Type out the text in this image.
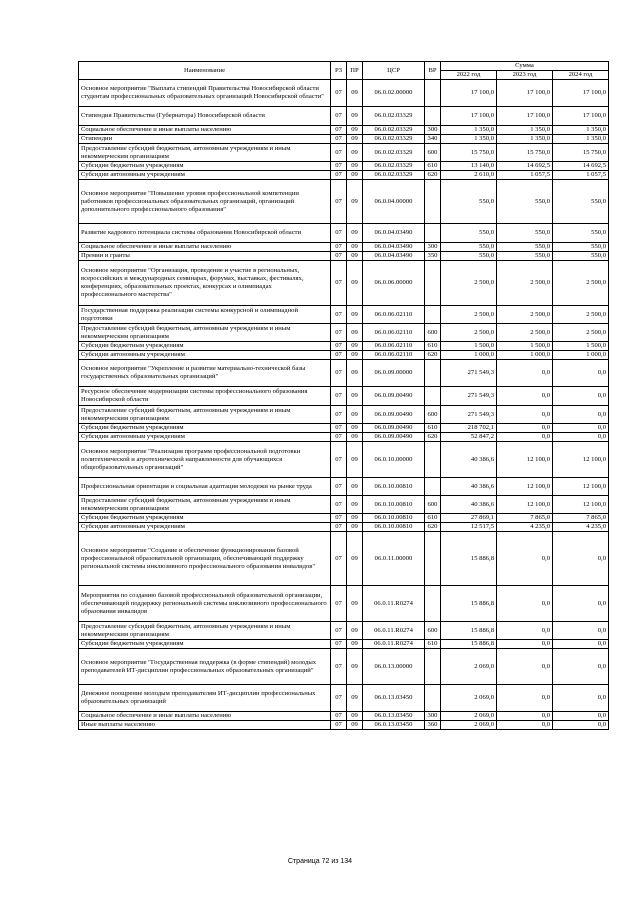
Наименование	РЗ	ПР	ЦСР	ВР	Сумма		
					2022 год	2023 год	2024 год
Основное мероприятие "Выплата стипендий Правительства Новосибирской области студентам профессиональных образовательных организаций Новосибирской области"	07	09	06.0.02.00000		17 100,0	17 100,0	17 100,0
Стипендия Правительства (Губернатора) Новосибирской области	07	09	06.0.02.03329		17 100,0	17 100,0	17 100,0
Социальное обеспечение и иные выплаты населению	07	09	06.0.02.03329	300	1 350,0	1 350,0	1 350,0
Стипендии	07	09	06.0.02.03329	340	1 350,0	1 350,0	1 350,0
Предоставление субсидий бюджетным, автономным учреждениям и иным некоммерческим организациям	07	09	06.0.02.03329	600	15 750,0	15 750,0	15 750,0
Субсидии бюджетным учреждениям	07	09	06.0.02.03329	610	13 140,0	14 692,5	14 692,5
Субсидии автономным учреждениям	07	09	06.0.02.03329	620	2 610,0	1 057,5	1 057,5
Основное мероприятие "Повышение уровня профессиональной компетенции работников профессиональных образовательных организаций, организаций дополнительного профессионального образования"	07	09	06.0.04.00000		550,0	550,0	550,0
Развитие кадрового потенциала системы образования Новосибирской области	07	09	06.0.04.03490		550,0	550,0	550,0
Социальное обеспечение и иные выплаты населению	07	09	06.0.04.03490	300	550,0	550,0	550,0
Премии и гранты	07	09	06.0.04.03490	350	550,0	550,0	550,0
Основное мероприятие "Организация, проведение и участие в региональных, всероссийских и международных семинарах, форумах, выставках, фестивалях, конференциях, образовательных проектах, конкурсах и олимпиадах профессионального мастерства"	07	09	06.0.06.00000		2 500,0	2 500,0	2 500,0
Государственная поддержка реализации системы конкурсной и олимпиадной подготовки	07	09	06.0.06.02110		2 500,0	2 500,0	2 500,0
Предоставление субсидий бюджетным, автономным учреждениям и иным некоммерческим организациям	07	09	06.0.06.02110	600	2 500,0	2 500,0	2 500,0
Субсидии бюджетным учреждениям	07	09	06.0.06.02110	610	1 500,0	1 500,0	1 500,0
Субсидии автономным учреждениям	07	09	06.0.06.02110	620	1 000,0	1 000,0	1 000,0
Основное мероприятие "Укрепление и развитие материально-технической базы государственных образовательных организаций"	07	09	06.0.09.00000		271 549,3	0,0	0,0
Ресурсное обеспечение модернизации системы профессионального образования Новосибирской области	07	09	06.0.09.00490		271 549,3	0,0	0,0
Предоставление субсидий бюджетным, автономным учреждениям и иным некоммерческим организациям	07	09	06.0.09.00490	600	271 549,3	0,0	0,0
Субсидии бюджетным учреждениям	07	09	06.0.09.00490	610	218 702,1	0,0	0,0
Субсидии автономным учреждениям	07	09	06.0.09.00490	620	52 847,2	0,0	0,0
Основное мероприятие "Реализация программ профессиональной подготовки политехнической и агротехнической направленности для обучающихся общеобразовательных организаций"	07	09	06.0.10.00000		40 386,6	12 100,0	12 100,0
Профессиональная ориентация и социальная адаптация молодежи на рынке труда	07	09	06.0.10.00810		40 386,6	12 100,0	12 100,0
Предоставление субсидий бюджетным, автономным учреждениям и иным некоммерческим организациям	07	09	06.0.10.00810	600	40 386,6	12 100,0	12 100,0
Субсидии бюджетным учреждениям	07	09	06.0.10.00810	610	27 869,1	7 865,0	7 865,0
Субсидии автономным учреждениям	07	09	06.0.10.00810	620	12 517,5	4 235,0	4 235,0
Основное мероприятие "Создание и обеспечение функционирования базовой профессиональной образовательной организации, обеспечивающей поддержку региональной системы инклюзивного профессионального образования инвалидов"	07	09	06.0.11.00000		15 886,8	0,0	0,0
Мероприятия по созданию базовой профессиональной образовательной организации, обеспечивающей поддержку региональной системы инклюзивного профессионального образования инвалидов	07	09	06.0.11.R0274		15 886,8	0,0	0,0
Предоставление субсидий бюджетным, автономным учреждениям и иным некоммерческим организациям	07	09	06.0.11.R0274	600	15 886,8	0,0	0,0
Субсидии бюджетным учреждениям	07	09	06.0.11.R0274	610	15 886,8	0,0	0,0
Основное мероприятие "Государственная поддержка (в форме стипендий) молодых преподавателей ИТ-дисциплин профессиональных образовательных организаций"	07	09	06.0.13.00000		2 069,0	0,0	0,0
Денежное поощрение молодым преподавателям ИТ-дисциплин профессиональных образовательных организаций	07	09	06.0.13.03450		2 069,0	0,0	0,0
Социальное обеспечение и иные выплаты населению	07	09	06.0.13.03450	300	2 069,0	0,0	0,0
Иные выплаты населению	07	09	06.0.13.03450	360	2 069,0	0,0	0,0
Страница 72 из 134
